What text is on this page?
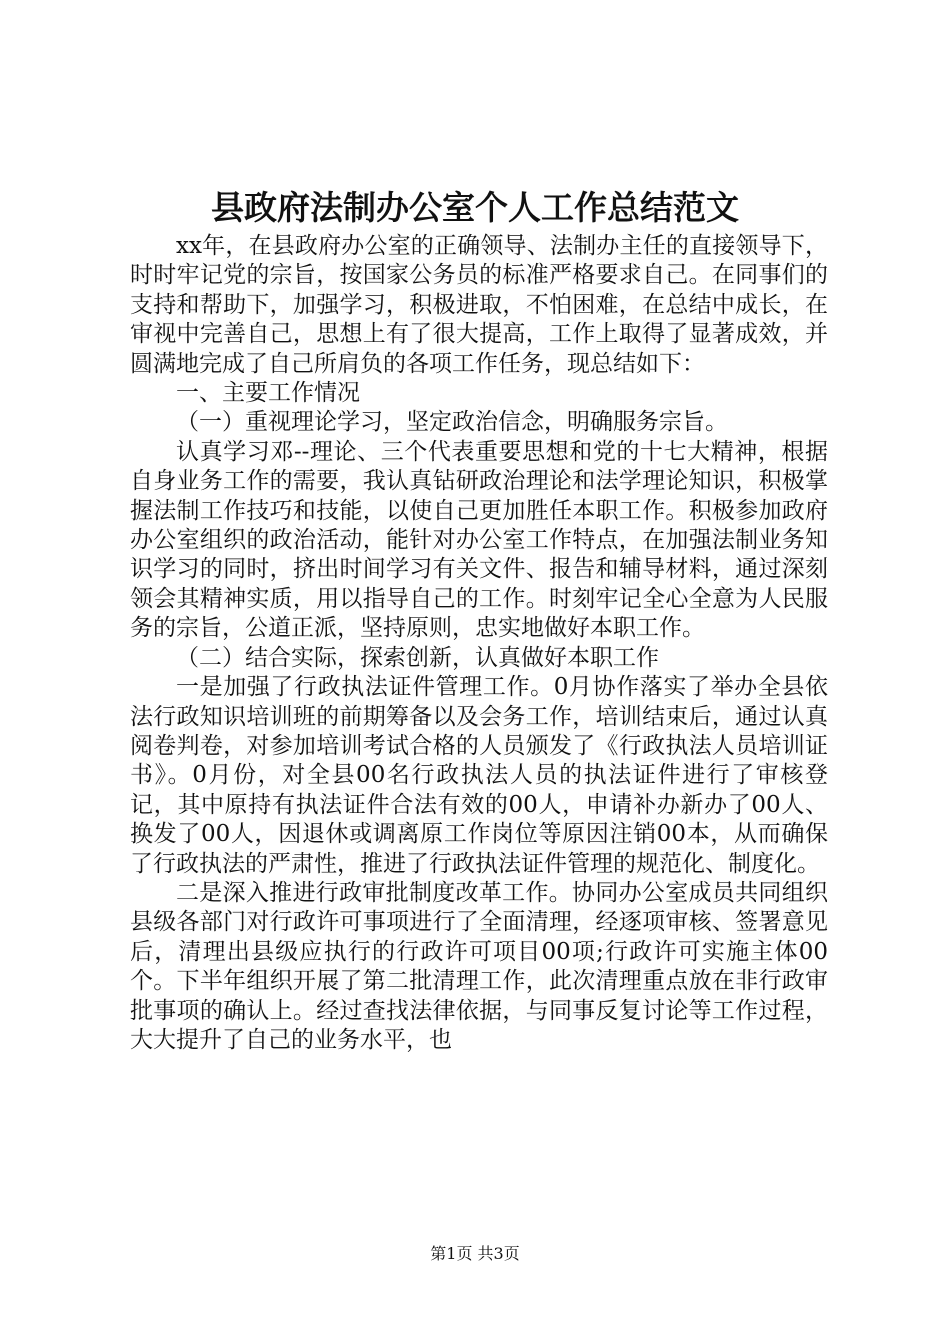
县政府法制办公室个人工作总结范文

xx年，在县政府办公室的正确领导、法制办主任的直接领导下，时时牢记党的宗旨，按国家公务员的标准严格要求自己。在同事们的支持和帮助下，加强学习，积极进取，不怕困难，在总结中成长，在审视中完善自己，思想上有了很大提高，工作上取得了显著成效，并圆满地完成了自己所肩负的各项工作任务，现总结如下：

一、主要工作情况

（一）重视理论学习，坚定政治信念，明确服务宗旨。

认真学习邓--理论、三个代表重要思想和党的十七大精神，根据自身业务工作的需要，我认真钻研政治理论和法学理论知识，积极掌握法制工作技巧和技能，以使自己更加胜任本职工作。积极参加政府办公室组织的政治活动，能针对办公室工作特点，在加强法制业务知识学习的同时，挤出时间学习有关文件、报告和辅导材料，通过深刻领会其精神实质，用以指导自己的工作。时刻牢记全心全意为人民服务的宗旨，公道正派，坚持原则，忠实地做好本职工作。

（二）结合实际，探索创新，认真做好本职工作

一是加强了行政执法证件管理工作。0月协作落实了举办全县依法行政知识培训班的前期筹备以及会务工作，培训结束后，通过认真阅卷判卷，对参加培训考试合格的人员颁发了《行政执法人员培训证书》。0月份，对全县00名行政执法人员的执法证件进行了审核登记，其中原持有执法证件合法有效的00人，申请补办新办了00人、换发了00人，因退休或调离原工作岗位等原因注销00本，从而确保了行政执法的严肃性，推进了行政执法证件管理的规范化、制度化。

二是深入推进行政审批制度改革工作。协同办公室成员共同组织县级各部门对行政许可事项进行了全面清理，经逐项审核、签署意见后，清理出县级应执行的行政许可项目00项;行政许可实施主体00个。下半年组织开展了第二批清理工作，此次清理重点放在非行政审批事项的确认上。经过查找法律依据，与同事反复讨论等工作过程，大大提升了自己的业务水平，也

第1页 共3页
